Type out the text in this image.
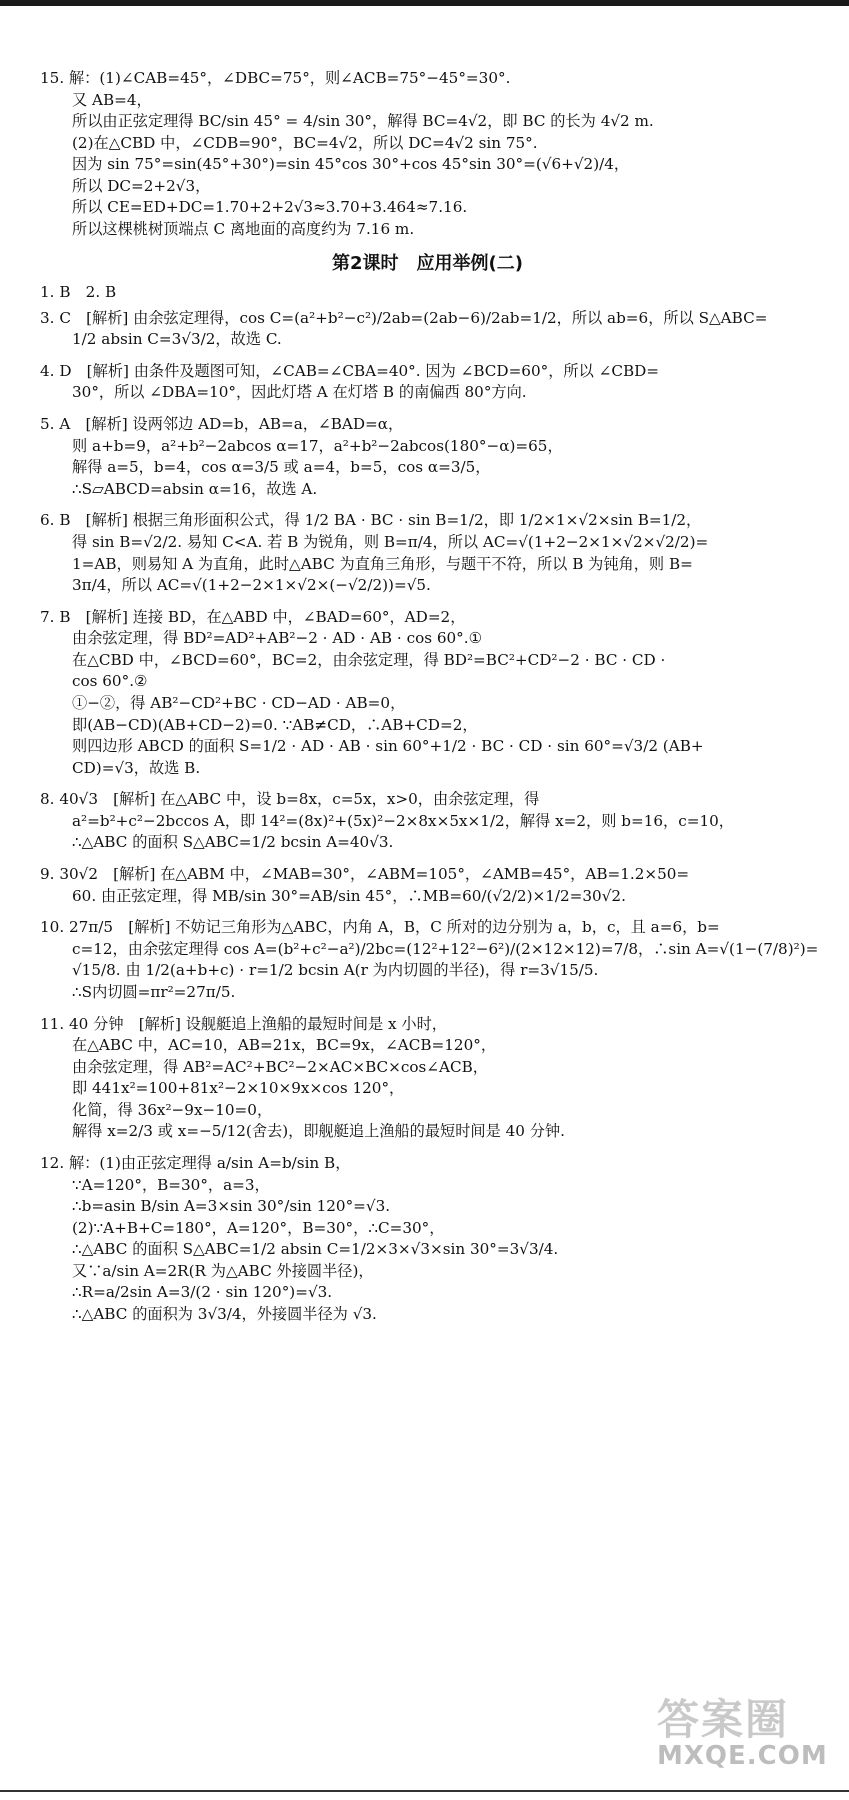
15. 解：(1)∠CAB=45°，∠DBC=75°，则∠ACB=75°−45°=30°.
又 AB=4，
所以由正弦定理得 BC/sin 45° = 4/sin 30°，解得 BC=4√2，即 BC 的长为 4√2 m.
(2)在△CBD 中，∠CDB=90°，BC=4√2，所以 DC=4√2 sin 75°.
因为 sin 75°=sin(45°+30°)=sin 45°cos 30°+cos 45°sin 30°=(√6+√2)/4，
所以 DC=2+2√3，
所以 CE=ED+DC=1.70+2+2√3≈3.70+3.464≈7.16.
所以这棵桃树顶端点 C 离地面的高度约为 7.16 m.
第2课时　应用举例(二)
1. B　2. B
3. C　[解析] 由余弦定理得，cos C=(a²+b²−c²)/2ab=(2ab−6)/2ab=1/2，所以 ab=6，所以 S△ABC=
1/2 absin C=3√3/2，故选 C.
4. D　[解析] 由条件及题图可知，∠CAB=∠CBA=40°. 因为 ∠BCD=60°，所以 ∠CBD=
30°，所以 ∠DBA=10°，因此灯塔 A 在灯塔 B 的南偏西 80°方向.
5. A　[解析] 设两邻边 AD=b，AB=a，∠BAD=α，
则 a+b=9，a²+b²−2abcos α=17，a²+b²−2abcos(180°−α)=65，
解得 a=5，b=4，cos α=3/5 或 a=4，b=5，cos α=3/5，
∴S▱ABCD=absin α=16，故选 A.
6. B　[解析] 根据三角形面积公式，得 1/2 BA · BC · sin B=1/2，即 1/2×1×√2×sin B=1/2，
得 sin B=√2/2. 易知 C<A. 若 B 为锐角，则 B=π/4，所以 AC=√(1+2−2×1×√2×√2/2)=
1=AB，则易知 A 为直角，此时△ABC 为直角三角形，与题干不符，所以 B 为钝角，则 B=
3π/4，所以 AC=√(1+2−2×1×√2×(−√2/2))=√5.
7. B　[解析] 连接 BD，在△ABD 中，∠BAD=60°，AD=2，
由余弦定理，得 BD²=AD²+AB²−2 · AD · AB · cos 60°.①
在△CBD 中，∠BCD=60°，BC=2，由余弦定理，得 BD²=BC²+CD²−2 · BC · CD ·
cos 60°.②
①−②，得 AB²−CD²+BC · CD−AD · AB=0，
即(AB−CD)(AB+CD−2)=0. ∵AB≠CD，∴AB+CD=2，
则四边形 ABCD 的面积 S=1/2 · AD · AB · sin 60°+1/2 · BC · CD · sin 60°=√3/2 (AB+
CD)=√3，故选 B.
8. 40√3　[解析] 在△ABC 中，设 b=8x，c=5x，x>0，由余弦定理，得
a²=b²+c²−2bccos A，即 14²=(8x)²+(5x)²−2×8x×5x×1/2，解得 x=2，则 b=16，c=10，
∴△ABC 的面积 S△ABC=1/2 bcsin A=40√3.
9. 30√2　[解析] 在△ABM 中，∠MAB=30°，∠ABM=105°，∠AMB=45°，AB=1.2×50=
60. 由正弦定理，得 MB/sin 30°=AB/sin 45°，∴MB=60/(√2/2)×1/2=30√2.
10. 27π/5　[解析] 不妨记三角形为△ABC，内角 A，B，C 所对的边分别为 a，b，c，且 a=6，b=
c=12，由余弦定理得 cos A=(b²+c²−a²)/2bc=(12²+12²−6²)/(2×12×12)=7/8，∴sin A=√(1−(7/8)²)=
√15/8. 由 1/2(a+b+c) · r=1/2 bcsin A(r 为内切圆的半径)，得 r=3√15/5.
∴S内切圆=πr²=27π/5.
11. 40 分钟　[解析] 设舰艇追上渔船的最短时间是 x 小时，
在△ABC 中，AC=10，AB=21x，BC=9x，∠ACB=120°，
由余弦定理，得 AB²=AC²+BC²−2×AC×BC×cos∠ACB，
即 441x²=100+81x²−2×10×9x×cos 120°，
化简，得 36x²−9x−10=0，
解得 x=2/3 或 x=−5/12(舍去)，即舰艇追上渔船的最短时间是 40 分钟.
12. 解：(1)由正弦定理得 a/sin A=b/sin B，
∵A=120°，B=30°，a=3，
∴b=asin B/sin A=3×sin 30°/sin 120°=√3.
(2)∵A+B+C=180°，A=120°，B=30°，∴C=30°，
∴△ABC 的面积 S△ABC=1/2 absin C=1/2×3×√3×sin 30°=3√3/4.
又∵a/sin A=2R(R 为△ABC 外接圆半径)，
∴R=a/2sin A=3/(2 · sin 120°)=√3.
∴△ABC 的面积为 3√3/4，外接圆半径为 √3.
答案圈
MXQE.COM
